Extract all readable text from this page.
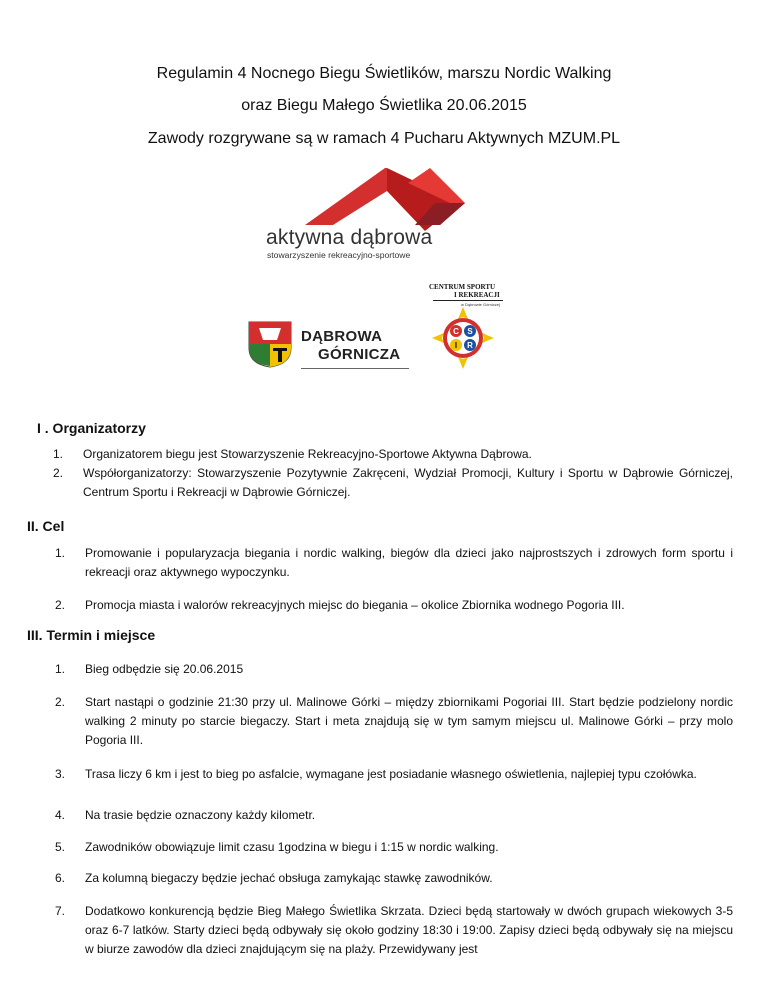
Regulamin 4 Nocnego Biegu Świetlików, marszu Nordic Walking
oraz Biegu Małego Świetlika 20.06.2015
Zawody rozgrywane są w ramach 4 Pucharu Aktywnych MZUM.PL
aktywna dąbrowa
stowarzyszenie rekreacyjno-sportowe
DĄBROWA
GÓRNICZA
CENTRUM SPORTU
I REKREACJI
w Dąbrowie Górniczej
C S
I R
I . Organizatorzy
1.	Organizatorem biegu jest Stowarzyszenie Rekreacyjno-Sportowe Aktywna Dąbrowa.
2.	Współorganizatorzy: Stowarzyszenie Pozytywnie Zakręceni, Wydział Promocji, Kultury i Sportu w Dąbrowie Górniczej, Centrum Sportu i Rekreacji w Dąbrowie Górniczej.
II. Cel
1.	Promowanie i popularyzacja biegania i nordic walking, biegów dla dzieci jako najprostszych i zdrowych form sportu i rekreacji oraz aktywnego wypoczynku.
2.	Promocja miasta i walorów rekreacyjnych miejsc do biegania – okolice Zbiornika wodnego Pogoria III.
III. Termin i miejsce
1.	Bieg odbędzie się 20.06.2015
2.	Start nastąpi o godzinie 21:30 przy ul. Malinowe Górki – między zbiornikami Pogoriai III. Start będzie podzielony nordic walking 2 minuty po starcie biegaczy. Start i meta znajdują się w tym samym miejscu ul. Malinowe Górki – przy molo Pogoria III.
3.	Trasa liczy 6 km i jest to bieg po asfalcie, wymagane jest posiadanie własnego oświetlenia, najlepiej typu czołówka.
4.	Na trasie będzie oznaczony każdy kilometr.
5.	Zawodników obowiązuje limit czasu 1godzina w biegu i 1:15 w nordic walking.
6.	Za kolumną biegaczy będzie jechać obsługa zamykając stawkę zawodników.
7.	Dodatkowo konkurencją będzie Bieg Małego Świetlika Skrzata. Dzieci będą startowały w dwóch grupach wiekowych 3-5 oraz 6-7 latków. Starty dzieci będą odbywały się około godziny 18:30 i 19:00. Zapisy dzieci będą odbywały się na miejscu w biurze zawodów dla dzieci znajdującym się na plaży. Przewidywany jest
